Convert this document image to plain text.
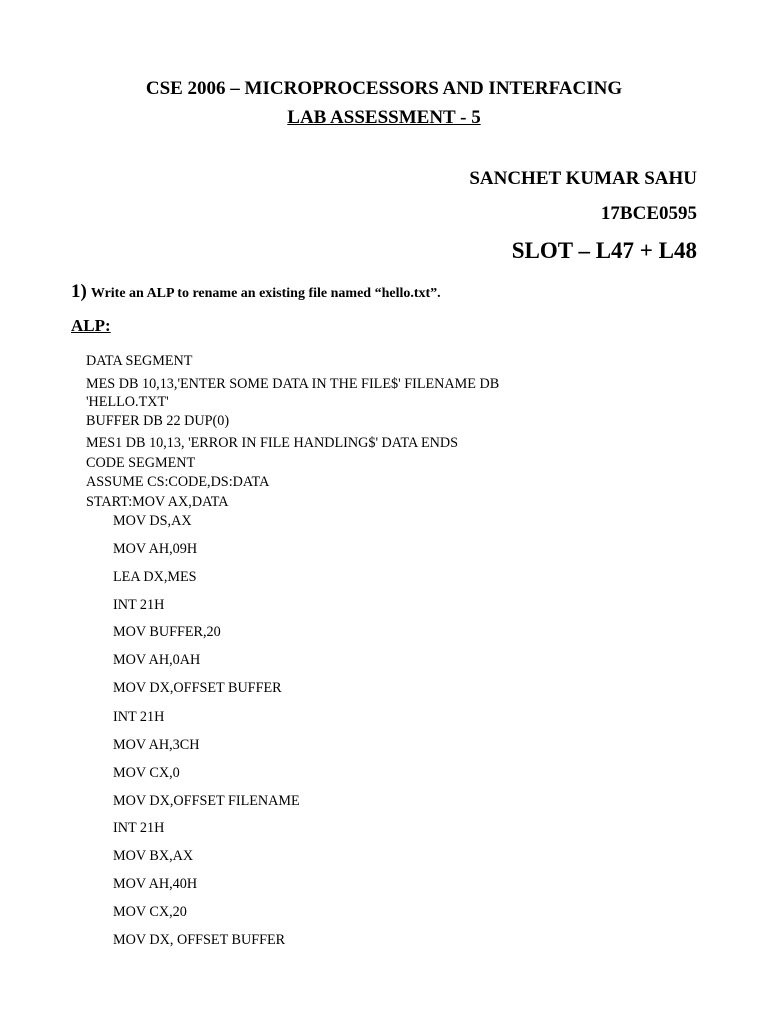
CSE 2006 – MICROPROCESSORS AND INTERFACING
LAB ASSESSMENT - 5
SANCHET KUMAR SAHU
17BCE0595
SLOT – L47 + L48
1) Write an ALP to rename an existing file named “hello.txt”.
ALP:
DATA SEGMENT
MES DB 10,13,'ENTER SOME DATA IN THE FILE$' FILENAME DB
'HELLO.TXT'
BUFFER DB 22 DUP(0)
MES1 DB 10,13, 'ERROR IN FILE HANDLING$' DATA ENDS
CODE SEGMENT
ASSUME CS:CODE,DS:DATA
START:MOV AX,DATA
MOV DS,AX
MOV AH,09H
LEA DX,MES
INT 21H
MOV BUFFER,20
MOV AH,0AH
MOV DX,OFFSET BUFFER
INT 21H
MOV AH,3CH
MOV CX,0
MOV DX,OFFSET FILENAME
INT 21H
MOV BX,AX
MOV AH,40H
MOV CX,20
MOV DX, OFFSET BUFFER
